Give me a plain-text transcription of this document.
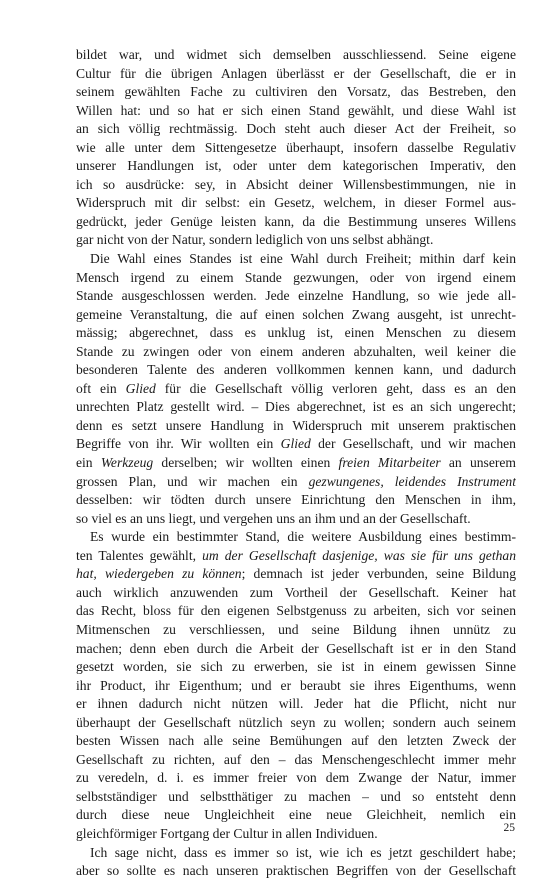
bildet war, und widmet sich demselben ausschliessend. Seine eigene
Cultur für die übrigen Anlagen überlässt er der Gesellschaft, die er in
seinem gewählten Fache zu cultiviren den Vorsatz, das Bestreben, den
Willen hat: und so hat er sich einen Stand gewählt, und diese Wahl ist
an sich völlig rechtmässig. Doch steht auch dieser Act der Freiheit, so
wie alle unter dem Sittengesetze überhaupt, insofern dasselbe Regulativ
unserer Handlungen ist, oder unter dem kategorischen Imperativ, den
ich so ausdrücke: sey, in Absicht deiner Willensbestimmungen, nie in
Widerspruch mit dir selbst: ein Gesetz, welchem, in dieser Formel aus-
gedrückt, jeder Genüge leisten kann, da die Bestimmung unseres Willens
gar nicht von der Natur, sondern lediglich von uns selbst abhängt.
Die Wahl eines Standes ist eine Wahl durch Freiheit; mithin darf kein
Mensch irgend zu einem Stande gezwungen, oder von irgend einem
Stande ausgeschlossen werden. Jede einzelne Handlung, so wie jede all-
gemeine Veranstaltung, die auf einen solchen Zwang ausgeht, ist unrecht-
mässig; abgerechnet, dass es unklug ist, einen Menschen zu diesem
Stande zu zwingen oder von einem anderen abzuhalten, weil keiner die
besonderen Talente des anderen vollkommen kennen kann, und dadurch
oft ein Glied für die Gesellschaft völlig verloren geht, dass es an den
unrechten Platz gestellt wird. – Dies abgerechnet, ist es an sich ungerecht;
denn es setzt unsere Handlung in Widerspruch mit unserem praktischen
Begriffe von ihr. Wir wollten ein Glied der Gesellschaft, und wir machen
ein Werkzeug derselben; wir wollten einen freien Mitarbeiter an unserem
grossen Plan, und wir machen ein gezwungenes, leidendes Instrument
desselben: wir tödten durch unsere Einrichtung den Menschen in ihm,
so viel es an uns liegt, und vergehen uns an ihm und an der Gesellschaft.
Es wurde ein bestimmter Stand, die weitere Ausbildung eines bestimm-
ten Talentes gewählt, um der Gesellschaft dasjenige, was sie für uns gethan
hat, wiedergeben zu können; demnach ist jeder verbunden, seine Bildung
auch wirklich anzuwenden zum Vortheil der Gesellschaft. Keiner hat
das Recht, bloss für den eigenen Selbstgenuss zu arbeiten, sich vor seinen
Mitmenschen zu verschliessen, und seine Bildung ihnen unnütz zu
machen; denn eben durch die Arbeit der Gesellschaft ist er in den Stand
gesetzt worden, sie sich zu erwerben, sie ist in einem gewissen Sinne
ihr Product, ihr Eigenthum; und er beraubt sie ihres Eigenthums, wenn
er ihnen dadurch nicht nützen will. Jeder hat die Pflicht, nicht nur
überhaupt der Gesellschaft nützlich seyn zu wollen; sondern auch seinem
besten Wissen nach alle seine Bemühungen auf den letzten Zweck der
Gesellschaft zu richten, auf den – das Menschengeschlecht immer mehr
zu veredeln, d. i. es immer freier von dem Zwange der Natur, immer
selbstständiger und selbstthätiger zu machen – und so entsteht denn
durch diese neue Ungleichheit eine neue Gleichheit, nemlich ein
gleichförmiger Fortgang der Cultur in allen Individuen.
Ich sage nicht, dass es immer so ist, wie ich es jetzt geschildert habe;
aber so sollte es nach unseren praktischen Begriffen von der Gesellschaft
25
